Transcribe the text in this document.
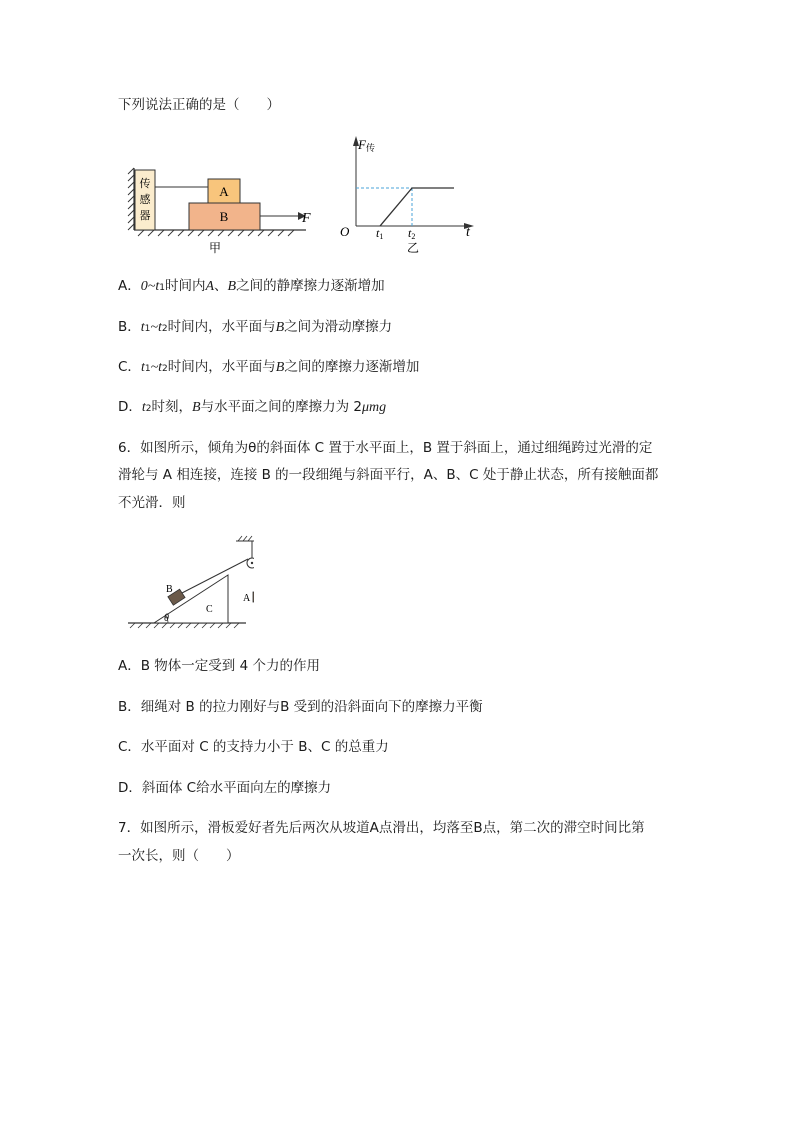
下列说法正确的是（　　）
传
感
器
A
B	F
甲
F传
t
O t1 t2
乙
A．0~t1时间内A、B之间的静摩擦力逐渐增加
B．t1~t2时间内，水平面与B之间为滑动摩擦力
C．t1~t2时间内，水平面与B之间的摩擦力逐渐增加
D．t2时刻，B与水平面之间的摩擦力为 2μmg
6．如图所示，倾角为θ的斜面体 C 置于水平面上，B 置于斜面上，通过细绳跨过光滑的定
滑轮与 A 相连接，连接 B 的一段细绳与斜面平行，A、B、C 处于静止状态，所有接触面都
不光滑．则
C
θ
B
A
A．B 物体一定受到 4 个力的作用
B．细绳对 B 的拉力刚好与B 受到的沿斜面向下的摩擦力平衡
C．水平面对 C 的支持力小于 B、C 的总重力
D．斜面体 C给水平面向左的摩擦力
7．如图所示，滑板爱好者先后两次从坡道A点滑出，均落至B点，第二次的滞空时间比第
一次长，则（　　）
